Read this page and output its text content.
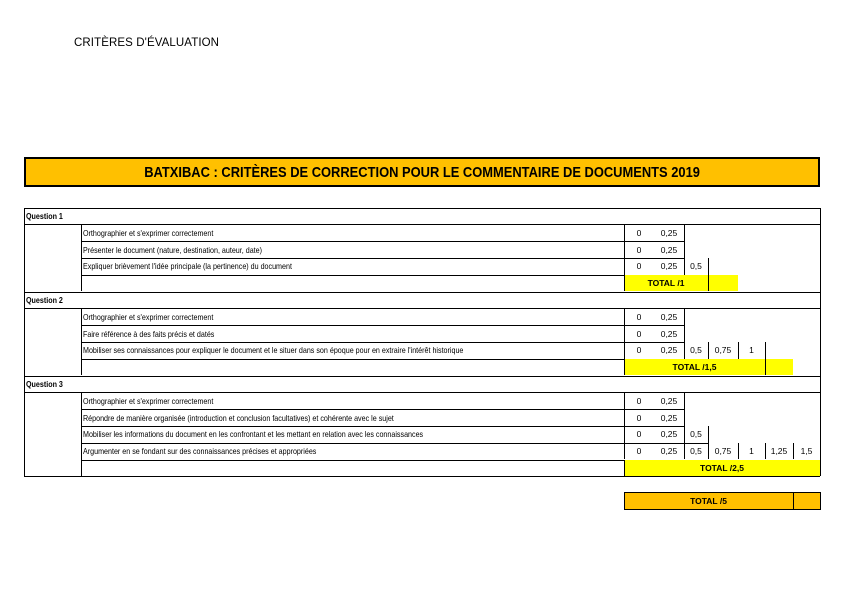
CRITÈRES D'ÉVALUATION
BATXIBAC : CRITÈRES DE CORRECTION POUR LE COMMENTAIRE DE DOCUMENTS 2019
Question 1
Orthographier et s'exprimer correctement	0	0,25
Présenter le document (nature, destination, auteur, date)	0	0,25
Expliquer brièvement l'idée principale (la pertinence) du document	0	0,25	0,5
TOTAL /1
Question 2
Orthographier et s'exprimer correctement	0	0,25
Faire référence à des faits précis et datés	0	0,25
Mobiliser ses connaissances pour expliquer le document et le situer dans son époque pour en extraire l'intérêt historique	0	0,25	0,5	0,75	1
TOTAL /1,5
Question 3
Orthographier et s'exprimer correctement	0	0,25
Répondre de manière organisée (introduction et conclusion facultatives) et cohérente avec le sujet	0	0,25
Mobiliser les informations du document en les confrontant et les mettant en relation avec les connaissances	0	0,25	0,5
Argumenter en se fondant sur des connaissances précises et appropriées	0	0,25	0,5	0,75	1	1,25	1,5
TOTAL /2,5
TOTAL /5
